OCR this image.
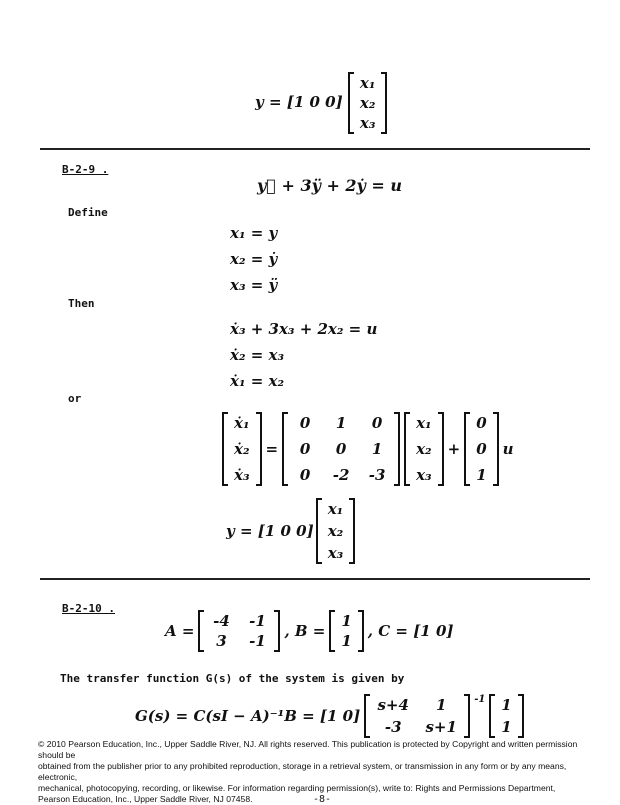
y = [1 0 0]
x₁
x₂
x₃
B-2-9 .
y⃛ + 3ÿ + 2ẏ = u
Define
x₁ = y
x₂ = ẏ
x₃ = ÿ
Then
ẋ₃ + 3x₃ + 2x₂ = u
ẋ₂ = x₃
ẋ₁ = x₂
or
ẋ₁
ẋ₂
ẋ₃
=
0	1	0
0	0	1
0	-2 -3
x₁
x₂
x₃
+
0
0
1
u
y = [1 0 0]
x₁
x₂
x₃
B-2-10 .
A =
-4 -1
3	-1
, B =
1
1
, C = [1 0]
The transfer function G(s) of the system is given by
G(s) = C(sI − A)⁻¹B = [1 0]
s+4	1
-3	s+1
$^{-1}$ 1
1
© 2010 Pearson Education, Inc., Upper Saddle River, NJ. All rights reserved. This publication is protected by Copyright and written permission should be
obtained from the publisher prior to any prohibited reproduction, storage in a retrieval system, or transmission in any form or by any means, electronic,
mechanical, photocopying, recording, or likewise. For information regarding permission(s), write to: Rights and Permissions Department,
Pearson Education, Inc., Upper Saddle River, NJ 07458.	-8-
